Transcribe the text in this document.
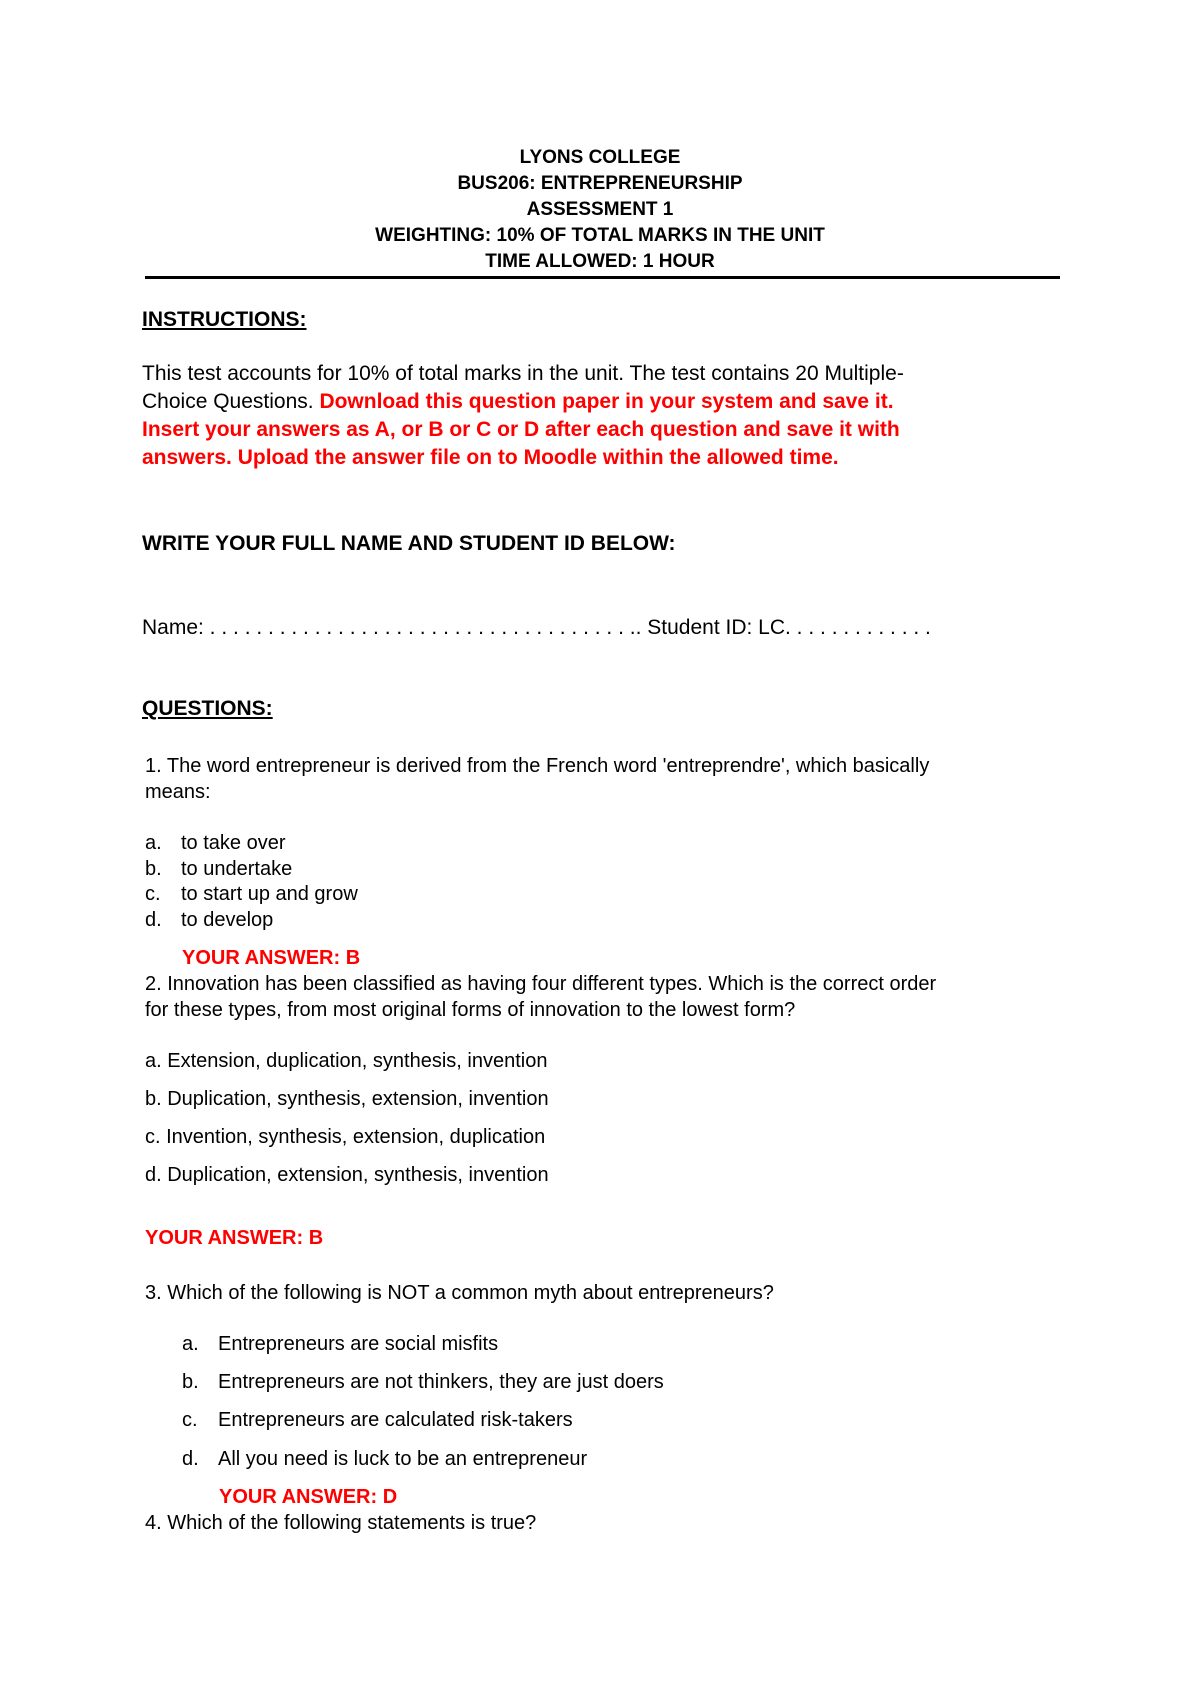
LYONS COLLEGE

BUS206: ENTREPRENEURSHIP

ASSESSMENT 1

WEIGHTING: 10% OF TOTAL MARKS IN THE UNIT

TIME ALLOWED: 1 HOUR

INSTRUCTIONS:

This test accounts for 10% of total marks in the unit. The test contains 20 Multiple-

Choice Questions. Download this question paper in your system and save it.

Insert your answers as A, or B or C or D after each question and save it with

answers. Upload the answer file on to Moodle within the allowed time.

WRITE YOUR FULL NAME AND STUDENT ID BELOW:

Name: . . . . . . . . . . . . . . . . . . . . . . . . . . . . . . . . . . . . .. Student ID: LC. . . . . . . . . . . . .

QUESTIONS:

1. The word entrepreneur is derived from the French word 'entreprendre', which basically

means:

a. to take over

b. to undertake

c. to start up and grow

d. to develop

YOUR ANSWER: B

2. Innovation has been classified as having four different types. Which is the correct order

for these types, from most original forms of innovation to the lowest form?

a. Extension, duplication, synthesis, invention

b. Duplication, synthesis, extension, invention

c. Invention, synthesis, extension, duplication

d. Duplication, extension, synthesis, invention

YOUR ANSWER: B

3. Which of the following is NOT a common myth about entrepreneurs?

a. Entrepreneurs are social misfits

b. Entrepreneurs are not thinkers, they are just doers

c. Entrepreneurs are calculated risk-takers

d. All you need is luck to be an entrepreneur

YOUR ANSWER: D

4. Which of the following statements is true?
